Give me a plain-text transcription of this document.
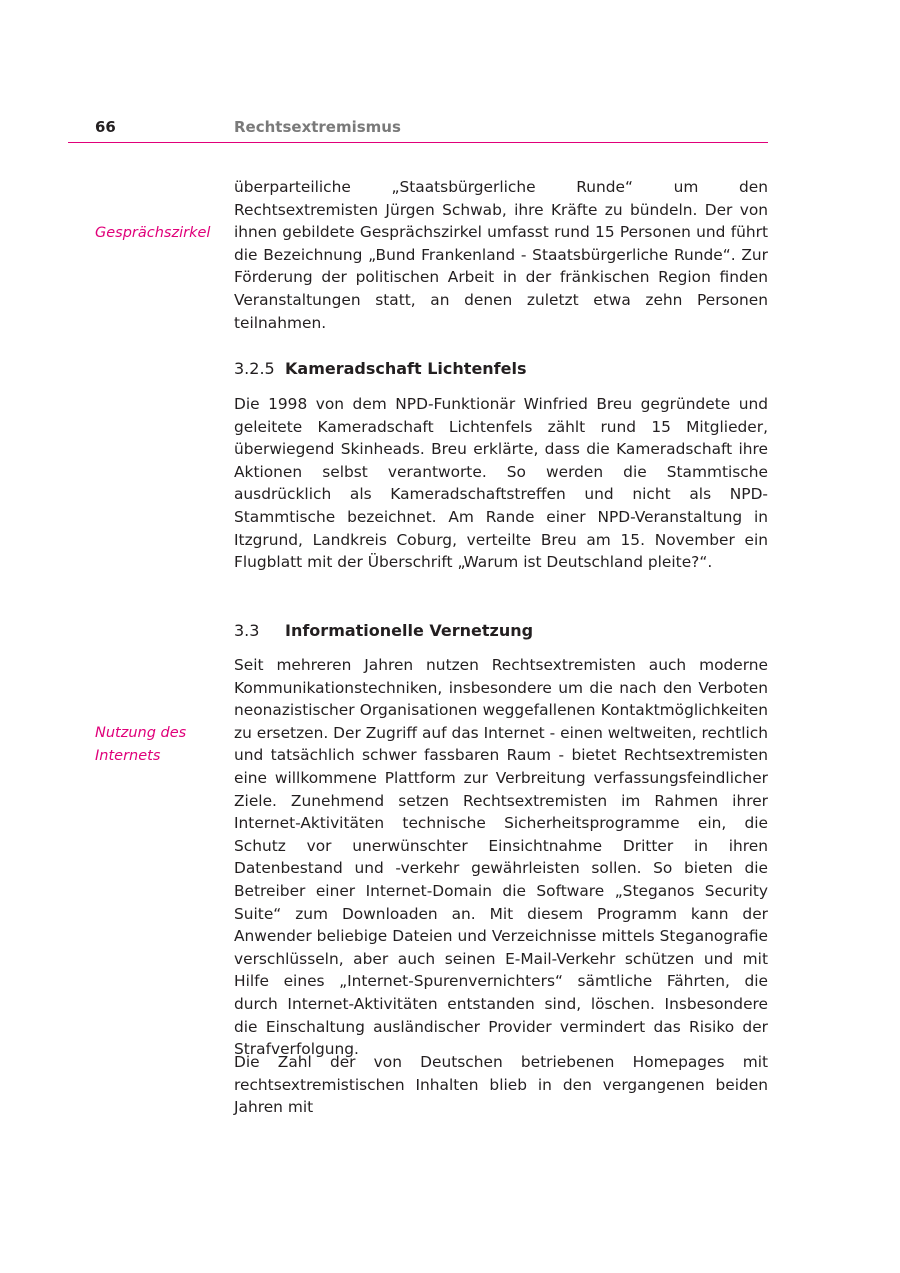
66	Rechtsextremismus
Gesprächszirkel

überparteiliche „Staatsbürgerliche Runde“ um den Rechtsextremisten Jürgen Schwab, ihre Kräfte zu bündeln. Der von ihnen gebildete Gesprächszirkel umfasst rund 15 Personen und führt die Bezeichnung „Bund Frankenland - Staatsbürgerliche Runde“. Zur Förderung der politischen Arbeit in der fränkischen Region finden Veranstaltungen statt, an denen zuletzt etwa zehn Personen teilnahmen.

3.2.5 Kameradschaft Lichtenfels

Die 1998 von dem NPD-Funktionär Winfried Breu gegründete und geleitete Kameradschaft Lichtenfels zählt rund 15 Mitglieder, überwiegend Skinheads. Breu erklärte, dass die Kameradschaft ihre Aktionen selbst verantworte. So werden die Stammtische ausdrücklich als Kameradschaftstreffen und nicht als NPD-Stammtische bezeichnet. Am Rande einer NPD-Veranstaltung in Itzgrund, Landkreis Coburg, verteilte Breu am 15. November ein Flugblatt mit der Überschrift „Warum ist Deutschland pleite?“.

3.3 Informationelle Vernetzung
Nutzung des
Internets

Seit mehreren Jahren nutzen Rechtsextremisten auch moderne Kommunikationstechniken, insbesondere um die nach den Verboten neonazistischer Organisationen weggefallenen Kontaktmöglichkeiten zu ersetzen. Der Zugriff auf das Internet - einen weltweiten, rechtlich und tatsächlich schwer fassbaren Raum - bietet Rechtsextremisten eine willkommene Plattform zur Verbreitung verfassungsfeindlicher Ziele. Zunehmend setzen Rechtsextremisten im Rahmen ihrer Internet-Aktivitäten technische Sicherheitsprogramme ein, die Schutz vor unerwünschter Einsichtnahme Dritter in ihren Datenbestand und -verkehr gewährleisten sollen. So bieten die Betreiber einer Internet-Domain die Software „Steganos Security Suite“ zum Downloaden an. Mit diesem Programm kann der Anwender beliebige Dateien und Verzeichnisse mittels Steganografie verschlüsseln, aber auch seinen E-Mail-Verkehr schützen und mit Hilfe eines „Internet-Spurenvernichters“ sämtliche Fährten, die durch Internet-Aktivitäten entstanden sind, löschen. Insbesondere die Einschaltung ausländischer Provider vermindert das Risiko der Strafverfolgung.

Die Zahl der von Deutschen betriebenen Homepages mit rechtsextremistischen Inhalten blieb in den vergangenen beiden Jahren mit
